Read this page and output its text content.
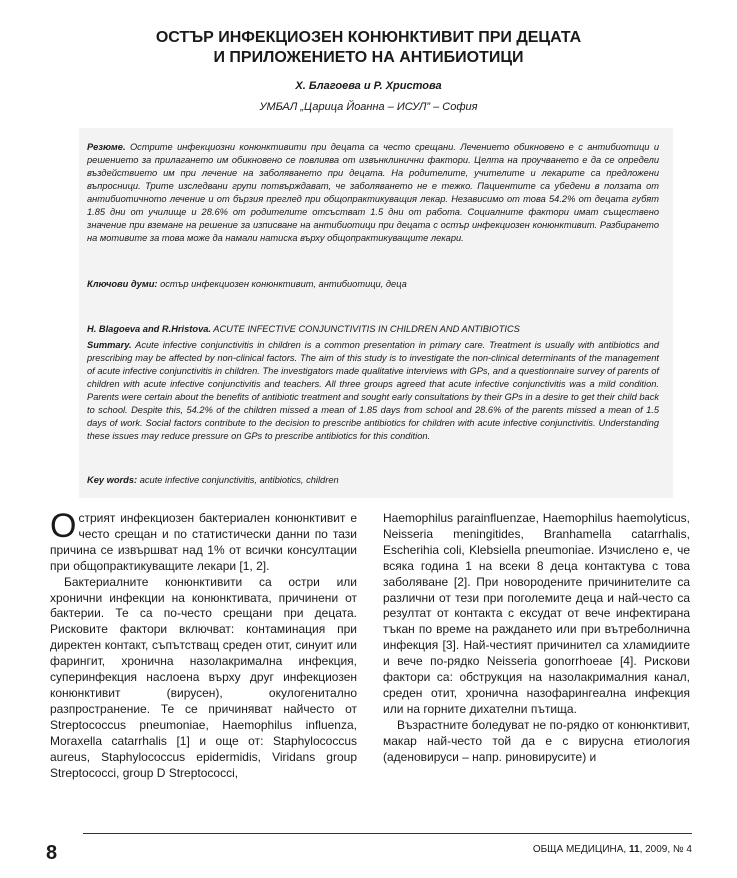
ОСТЪР ИНФЕКЦИОЗЕН КОНЮНКТИВИТ ПРИ ДЕЦАТА
И ПРИЛОЖЕНИЕТО НА АНТИБИОТИЦИ
Х. Благоева и Р. Христова
УМБАЛ „Царица Йоанна – ИСУЛ” – София

Резюме. Острите инфекциозни конюнктивити при децата са често срещани. Лечението обикновено е с антибиотици и решението за прилагането им обикновено се повлиява от извънклинични фактори. Целта на проучването е да се определи въздействието им при лечение на заболяването при децата. На родителите, учителите и лекарите са предложени въпросници. Трите изследвани групи потвърждават, че заболяването не е тежко. Пациентите са убедени в ползата от антибиотичното лечение и от бързия преглед при общопрактикуващия лекар. Независимо от това 54.2% от децата губят 1.85 дни от училище и 28.6% от родителите отсъстват 1.5 дни от работа. Социалните фактори имат съществено значение при вземане на решение за изписване на антибиотици при децата с остър инфекциозен конюнктивит. Разбирането на мотивите за това може да намали натиска върху общопрактикуващите лекари.

Ключови думи: остър инфекциозен конюнктивит, антибиотици, деца

H. Blagoeva and R.Hristova. ACUTE INFECTIVE CONJUNCTIVITIS IN CHILDREN AND ANTIBIOTICS

Summary. Acute infective conjunctivitis in children is a common presentation in primary care. Treatment is usually with antibiotics and prescribing may be affected by non-clinical factors. The aim of this study is to investigate the non-clinical determinants of the management of acute infective conjunctivitis in children. The investigators made qualitative interviews with GPs, and a questionnaire survey of parents of children with acute infective conjunctivitis and teachers. All three groups agreed that acute infective conjunctivitis was a mild condition. Parents were certain about the benefits of antibiotic treatment and sought early consultations by their GPs in a desire to get their child back to school. Despite this, 54.2% of the children missed a mean of 1.85 days from school and 28.6% of the parents missed a mean of 1.5 days of work. Social factors contribute to the decision to prescribe antibiotics for children with acute infective conjunctivitis. Understanding these issues may reduce pressure on GPs to prescribe antibiotics for this condition.

Key words: acute infective conjunctivitis, antibiotics, children

Острият инфекциозен бактериален конюнктивит е често срещан и по статистически данни по тази причина се извършват над 1% от всички консултации при общопрактикуващите лекари [1, 2].

Бактериалните конюнктивити са остри или хронични инфекции на конюнктивата, причинени от бактерии. Те са по-често срещани при децата. Рисковите фактори включват: контаминация при директен контакт, съпътстващ среден отит, синуит или фарингит, хронична назолакримална инфекция, суперинфекция наслоена върху друг инфекциозен конюнктивит (вирусен), окулогенитално разпространение. Те се причиняват найчесто от Streptococcus pneumoniae, Haemophilus influenza, Moraxella catarrhalis [1] и още от: Staphylococcus aureus, Staphylococcus epidermidis, Viridans group Streptococci, group D Streptococci,

Haemophilus parainfluenzae, Haemophilus haemolyticus, Neisseria meningitides, Branhamella catarrhalis, Escherihia coli, Klebsiella pneumoniae. Изчислено е, че всяка година 1 на всеки 8 деца контактува с това заболяване [2]. При новородените причинителите са различни от тези при поголемите деца и най-често са резултат от контакта с ексудат от вече инфектирана тъкан по време на раждането или при вътреболнична инфекция [3]. Най-честият причинител са хламидиите и вече по-рядко Neisseria gonorrhoeae [4]. Рискови фактори са: обструкция на назолакрималния канал, среден отит, хронична назофарингеална инфекция или на горните дихателни пътища.

Възрастните боледуват не по-рядко от конюнктивит, макар най-често той да е с вирусна етиология (аденовируси – напр. риновирусите) и

8	ОБЩА МЕДИЦИНА, 11, 2009, № 4
